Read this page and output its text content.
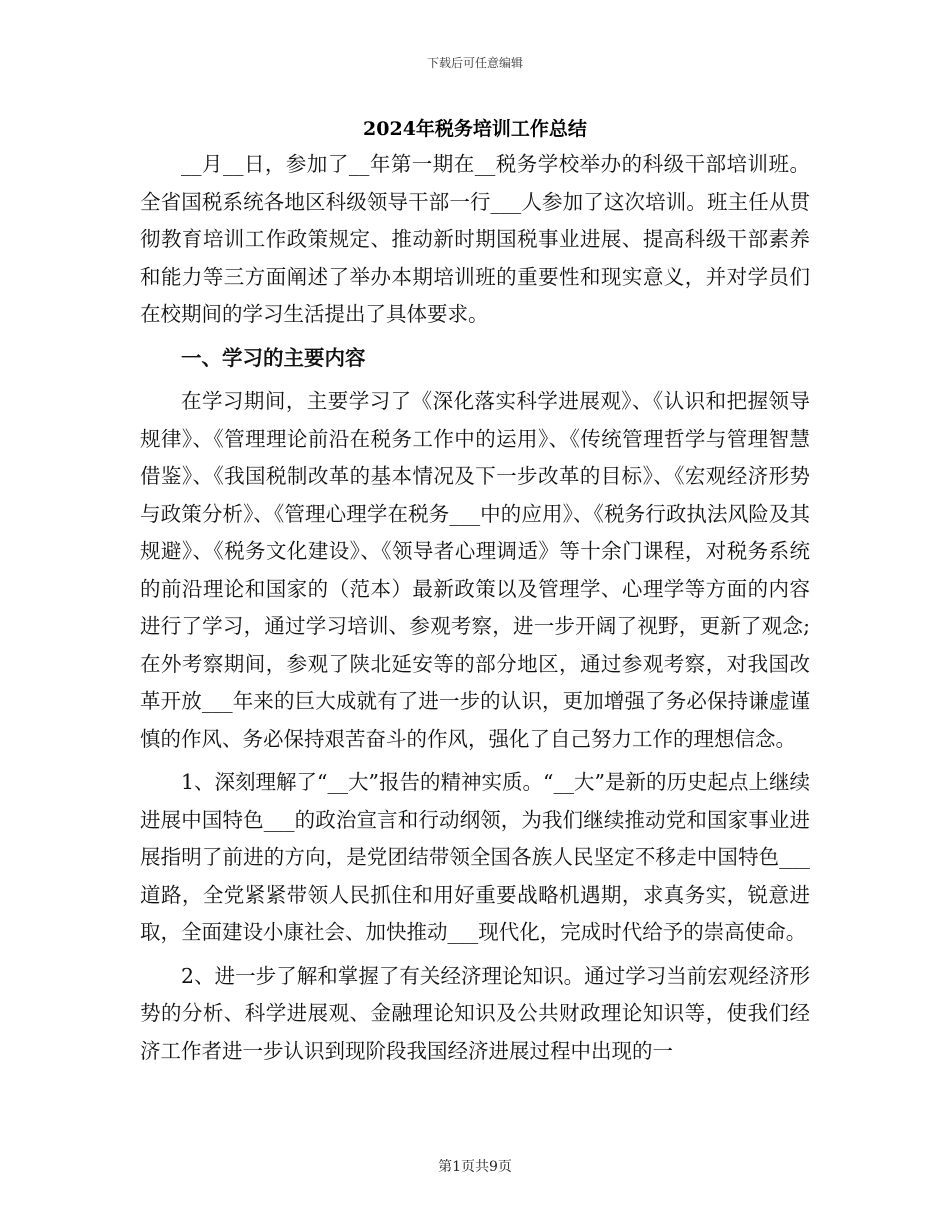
下载后可任意编辑
2024年税务培训工作总结

__月__日，参加了__年第一期在__税务学校举办的科级干部培训班。全省国税系统各地区科级领导干部一行___人参加了这次培训。班主任从贯彻教育培训工作政策规定、推动新时期国税事业进展、提高科级干部素养和能力等三方面阐述了举办本期培训班的重要性和现实意义，并对学员们在校期间的学习生活提出了具体要求。

一、学习的主要内容

在学习期间，主要学习了《深化落实科学进展观》、《认识和把握领导规律》、《管理理论前沿在税务工作中的运用》、《传统管理哲学与管理智慧借鉴》、《我国税制改革的基本情况及下一步改革的目标》、《宏观经济形势与政策分析》、《管理心理学在税务___中的应用》、《税务行政执法风险及其规避》、《税务文化建设》、《领导者心理调适》等十余门课程，对税务系统的前沿理论和国家的（范本）最新政策以及管理学、心理学等方面的内容进行了学习，通过学习培训、参观考察，进一步开阔了视野，更新了观念;在外考察期间，参观了陕北延安等的部分地区，通过参观考察，对我国改革开放___年来的巨大成就有了进一步的认识，更加增强了务必保持谦虚谨慎的作风、务必保持艰苦奋斗的作风，强化了自己努力工作的理想信念。

1、深刻理解了“__大”报告的精神实质。“__大”是新的历史起点上继续进展中国特色___的政治宣言和行动纲领，为我们继续推动党和国家事业进展指明了前进的方向，是党团结带领全国各族人民坚定不移走中国特色___道路，全党紧紧带领人民抓住和用好重要战略机遇期，求真务实，锐意进取，全面建设小康社会、加快推动___现代化，完成时代给予的崇高使命。

2、进一步了解和掌握了有关经济理论知识。通过学习当前宏观经济形势的分析、科学进展观、金融理论知识及公共财政理论知识等，使我们经济工作者进一步认识到现阶段我国经济进展过程中出现的一

第1页共9页
